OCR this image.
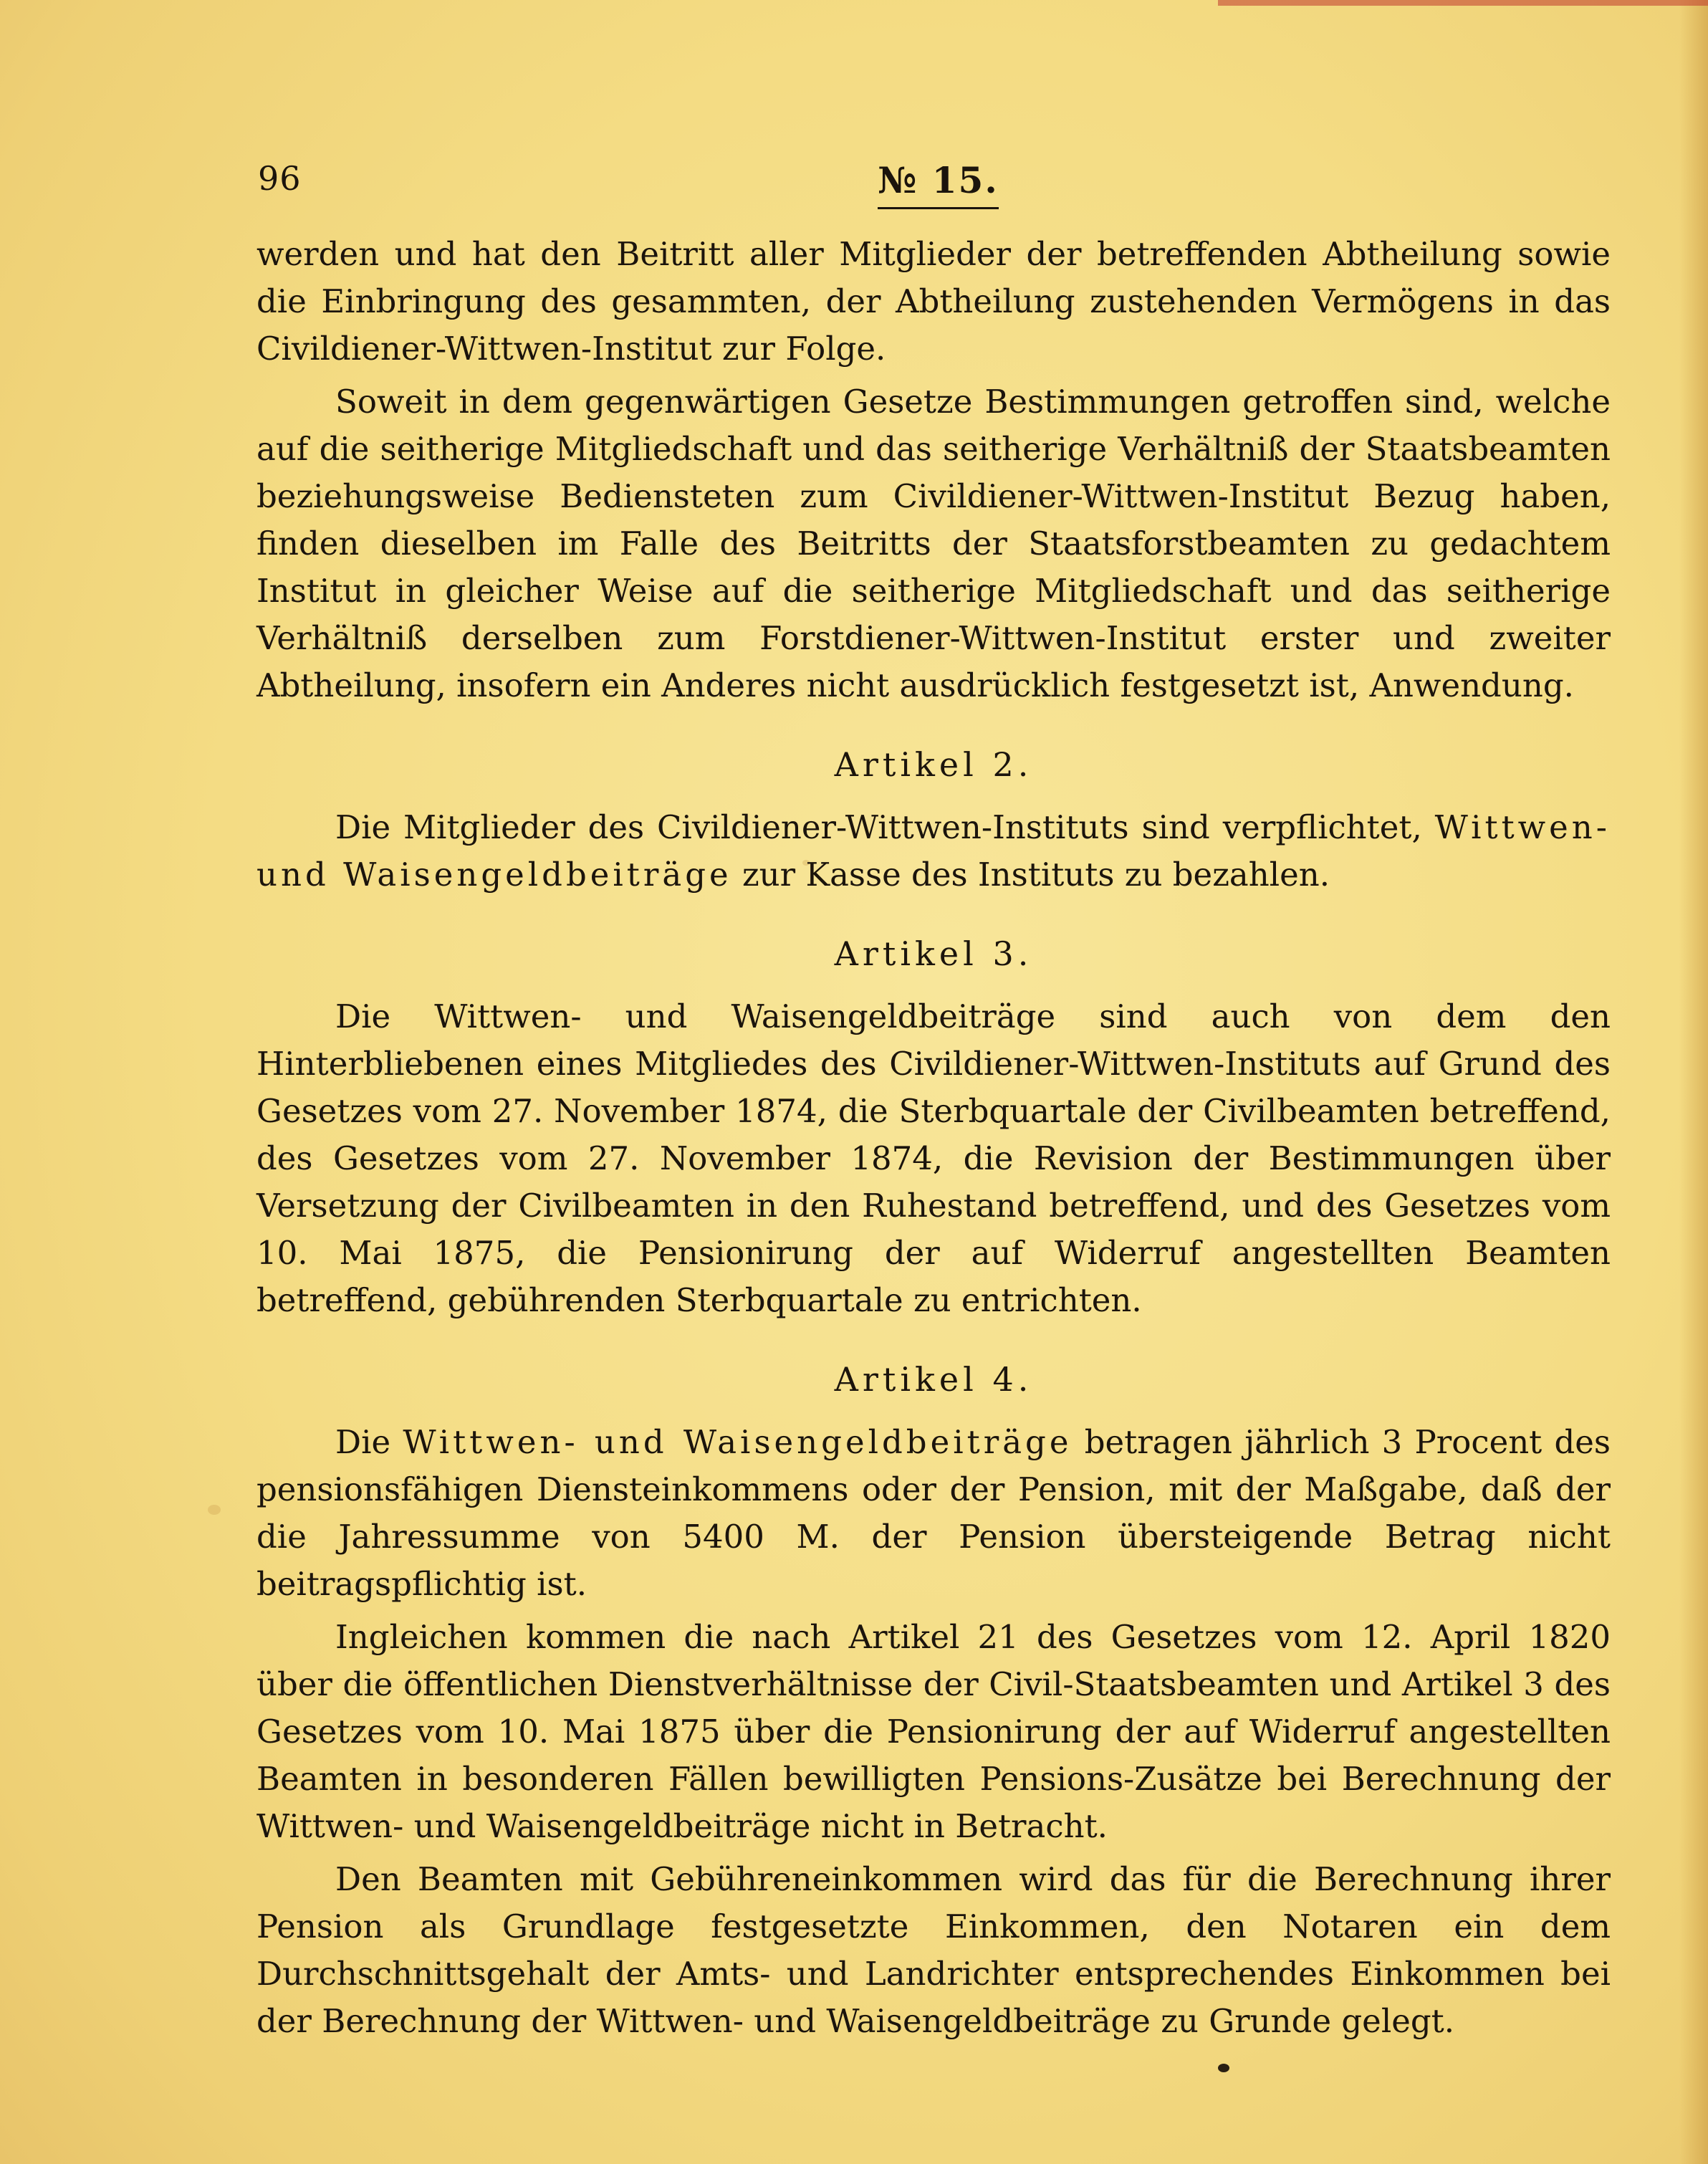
96	№ 15.

werden und hat den Beitritt aller Mitglieder der betreffenden Abtheilung sowie die Einbringung des gesammten, der Abtheilung zustehenden Vermögens in das Civildiener-Wittwen-Institut zur Folge.

Soweit in dem gegenwärtigen Gesetze Bestimmungen getroffen sind, welche auf die seitherige Mitgliedschaft und das seitherige Verhältniß der Staatsbeamten beziehungsweise Bediensteten zum Civildiener-Wittwen-Institut Bezug haben, finden dieselben im Falle des Beitritts der Staatsforstbeamten zu gedachtem Institut in gleicher Weise auf die seitherige Mitgliedschaft und das seitherige Verhältniß derselben zum Forstdiener-Wittwen-Institut erster und zweiter Abtheilung, insofern ein Anderes nicht ausdrücklich festgesetzt ist, Anwendung.

Artikel 2.

Die Mitglieder des Civildiener-Wittwen-Instituts sind verpflichtet, Wittwen- und Waisengeldbeiträge zur Kasse des Instituts zu bezahlen.

Artikel 3.

Die Wittwen- und Waisengeldbeiträge sind auch von dem den Hinterbliebenen eines Mitgliedes des Civildiener-Wittwen-Instituts auf Grund des Gesetzes vom 27. November 1874, die Sterbquartale der Civilbeamten betreffend, des Gesetzes vom 27. November 1874, die Revision der Bestimmungen über Versetzung der Civilbeamten in den Ruhestand betreffend, und des Gesetzes vom 10. Mai 1875, die Pensionirung der auf Widerruf angestellten Beamten betreffend, gebührenden Sterbquartale zu entrichten.

Artikel 4.

Die Wittwen- und Waisengeldbeiträge betragen jährlich 3 Procent des pensionsfähigen Diensteinkommens oder der Pension, mit der Maßgabe, daß der die Jahressumme von 5400 M. der Pension übersteigende Betrag nicht beitragspflichtig ist.

Ingleichen kommen die nach Artikel 21 des Gesetzes vom 12. April 1820 über die öffentlichen Dienstverhältnisse der Civil-Staatsbeamten und Artikel 3 des Gesetzes vom 10. Mai 1875 über die Pensionirung der auf Widerruf angestellten Beamten in besonderen Fällen bewilligten Pensions-Zusätze bei Berechnung der Wittwen- und Waisengeldbeiträge nicht in Betracht.

Den Beamten mit Gebühreneinkommen wird das für die Berechnung ihrer Pension als Grundlage festgesetzte Einkommen, den Notaren ein dem Durchschnittsgehalt der Amts- und Landrichter entsprechendes Einkommen bei der Berechnung der Wittwen- und Waisengeldbeiträge zu Grunde gelegt.
